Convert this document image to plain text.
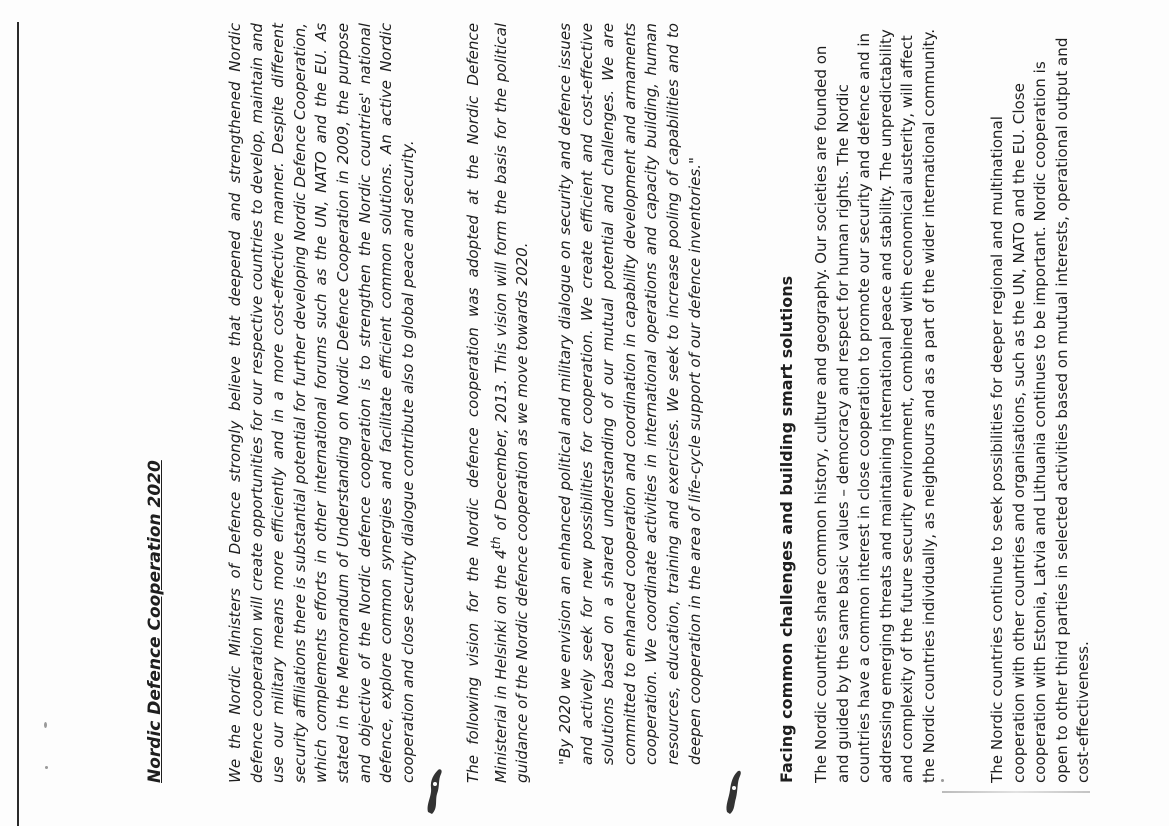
Nordic Defence Cooperation 2020	We the Nordic Ministers of Defence strongly believe that deepened and strengthened Nordic defence cooperation will create opportunities for our respective countries to develop, maintain and use our military means more efficiently and in a more cost-effective manner. Despite different security affiliations there is substantial potential for further developing Nordic Defence Cooperation, which complements efforts in other international forums such as the UN, NATO and the EU. As stated in the Memorandum of Understanding on Nordic Defence Cooperation in 2009, the purpose and objective of the Nordic defence cooperation is to strengthen the Nordic countries' national defence, explore common synergies and facilitate efficient common solutions. An active Nordic cooperation and close security dialogue contribute also to global peace and security.	The following vision for the Nordic defence cooperation was adopted at the Nordic Defence Ministerial in Helsinki on the 4th of December, 2013. This vision will form the basis for the political guidance of the Nordic defence cooperation as we move towards 2020. "By 2020 we envision an enhanced political and military dialogue on security and defence issues and actively seek for new possibilities for cooperation. We create efficient and cost-effective solutions based on a shared understanding of our mutual potential and challenges. We are committed to enhanced cooperation and coordination in capability development and armaments cooperation. We coordinate activities in international operations and capacity building, human resources, education, training and exercises. We seek to increase pooling of capabilities and to deepen cooperation in the area of life-cycle support of our defence inventories."	Facing common challenges and building smart solutions The Nordic countries share common history, culture and geography. Our societies are founded on and guided by the same basic values – democracy and respect for human rights. The Nordic countries have a common interest in close cooperation to promote our security and defence and in addressing emerging threats and maintaining international peace and stability. The unpredictability and complexity of the future security environment, combined with economical austerity, will affect the Nordic countries individually, as neighbours and as a part of the wider international community.	The Nordic countries continue to seek possibilities for deeper regional and multinational cooperation with other countries and organisations, such as the UN, NATO and the EU. Close cooperation with Estonia, Latvia and Lithuania continues to be important. Nordic cooperation is open to other third parties in selected activities based on mutual interests, operational output and cost-effectiveness.
